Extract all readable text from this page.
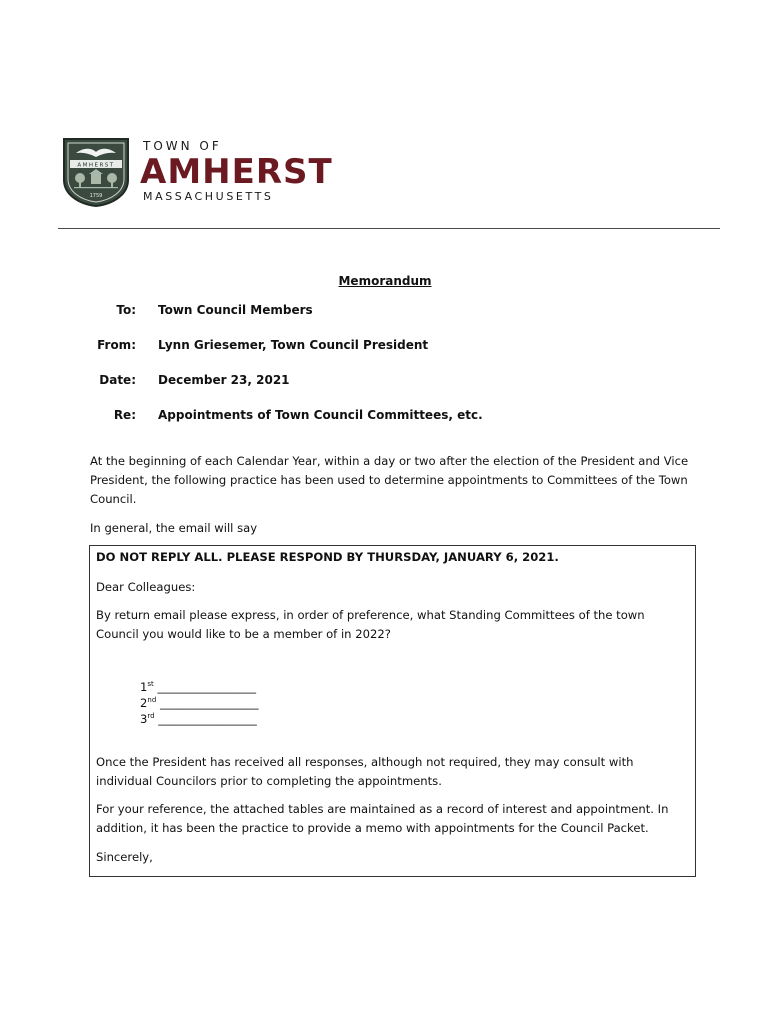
AMHERST
1759
TOWN OF
AMHERST
MASSACHUSETTS
Memorandum
To: Town Council Members
From: Lynn Griesemer, Town Council President
Date: December 23, 2021
Re: Appointments of Town Council Committees, etc.
At the beginning of each Calendar Year, within a day or two after the election of the President and Vice President, the following practice has been used to determine appointments to Committees of the Town Council.
In general, the email will say
DO NOT REPLY ALL. PLEASE RESPOND BY THURSDAY, JANUARY 6, 2021.
Dear Colleagues:
By return email please express, in order of preference, what Standing Committees of the town Council you would like to be a member of in 2022?
1st _________________
2nd _________________
3rd _________________
Once the President has received all responses, although not required, they may consult with individual Councilors prior to completing the appointments.
For your reference, the attached tables are maintained as a record of interest and appointment. In addition, it has been the practice to provide a memo with appointments for the Council Packet.
Sincerely,
